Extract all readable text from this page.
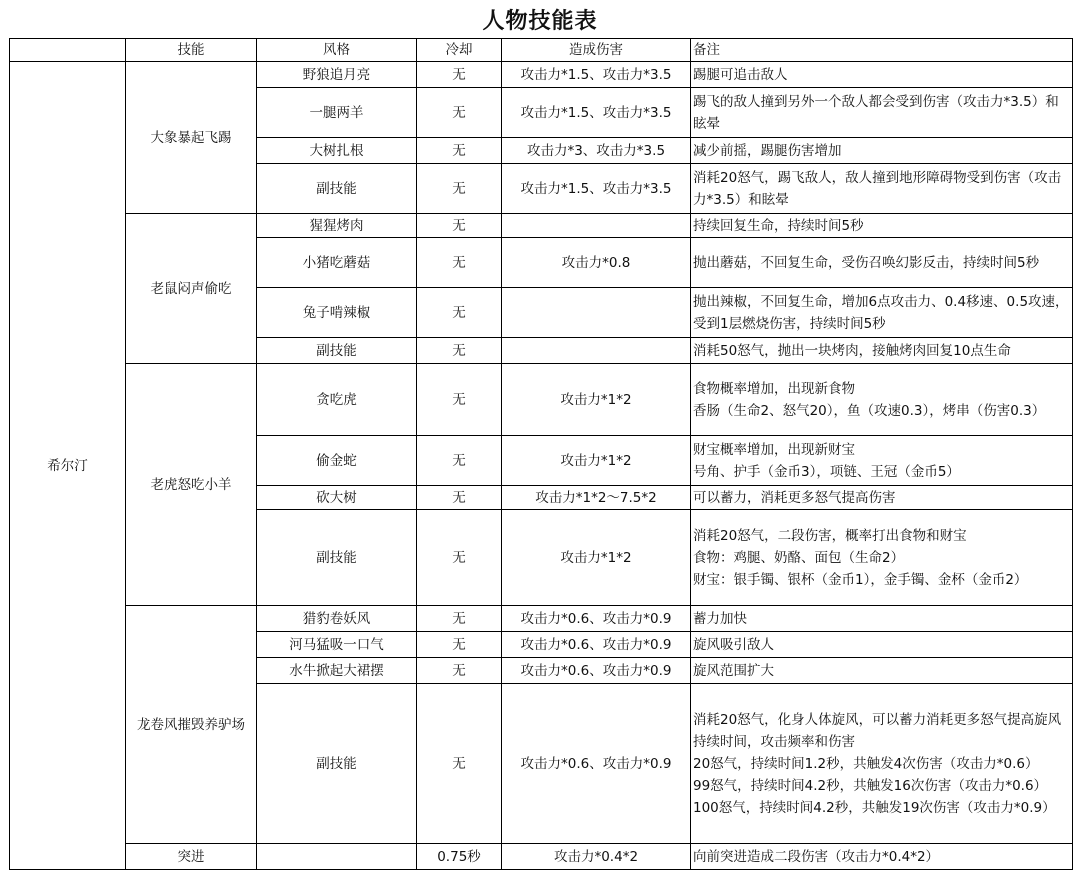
人物技能表
	技能	风格	冷却	造成伤害	备注
希尔汀	大象暴起飞踢	野狼追月亮	无	攻击力*1.5、攻击力*3.5	踢腿可追击敌人
		一腿两羊	无	攻击力*1.5、攻击力*3.5	踢飞的敌人撞到另外一个敌人都会受到伤害（攻击力*3.5）和眩晕
		大树扎根	无	攻击力*3、攻击力*3.5	减少前摇，踢腿伤害增加
		副技能	无	攻击力*1.5、攻击力*3.5	消耗20怒气，踢飞敌人，敌人撞到地形障碍物受到伤害（攻击力*3.5）和眩晕
	老鼠闷声偷吃	猩猩烤肉	无		持续回复生命，持续时间5秒
		小猪吃蘑菇	无	攻击力*0.8	抛出蘑菇，不回复生命，受伤召唤幻影反击，持续时间5秒
		兔子啃辣椒	无		抛出辣椒，不回复生命，增加6点攻击力、0.4移速、0.5攻速，受到1层燃烧伤害，持续时间5秒
		副技能	无		消耗50怒气，抛出一块烤肉，接触烤肉回复10点生命
	老虎怒吃小羊	贪吃虎	无	攻击力*1*2	食物概率增加，出现新食物
香肠（生命2、怒气20），鱼（攻速0.3），烤串（伤害0.3）
		偷金蛇	无	攻击力*1*2	财宝概率增加，出现新财宝
号角、护手（金币3），项链、王冠（金币5）
		砍大树	无	攻击力*1*2～7.5*2	可以蓄力，消耗更多怒气提高伤害
		副技能	无	攻击力*1*2	消耗20怒气，二段伤害，概率打出食物和财宝
食物：鸡腿、奶酪、面包（生命2）
财宝：银手镯、银杯（金币1），金手镯、金杯（金币2）
	龙卷风摧毁养驴场	猎豹卷妖风	无	攻击力*0.6、攻击力*0.9	蓄力加快
		河马猛吸一口气	无	攻击力*0.6、攻击力*0.9	旋风吸引敌人
		水牛掀起大裙摆	无	攻击力*0.6、攻击力*0.9	旋风范围扩大
		副技能	无	攻击力*0.6、攻击力*0.9	消耗20怒气，化身人体旋风，可以蓄力消耗更多怒气提高旋风持续时间，攻击频率和伤害
20怒气，持续时间1.2秒，共触发4次伤害（攻击力*0.6）
99怒气，持续时间4.2秒，共触发16次伤害（攻击力*0.6）
100怒气，持续时间4.2秒，共触发19次伤害（攻击力*0.9）
	突进		0.75秒	攻击力*0.4*2	向前突进造成二段伤害（攻击力*0.4*2）
